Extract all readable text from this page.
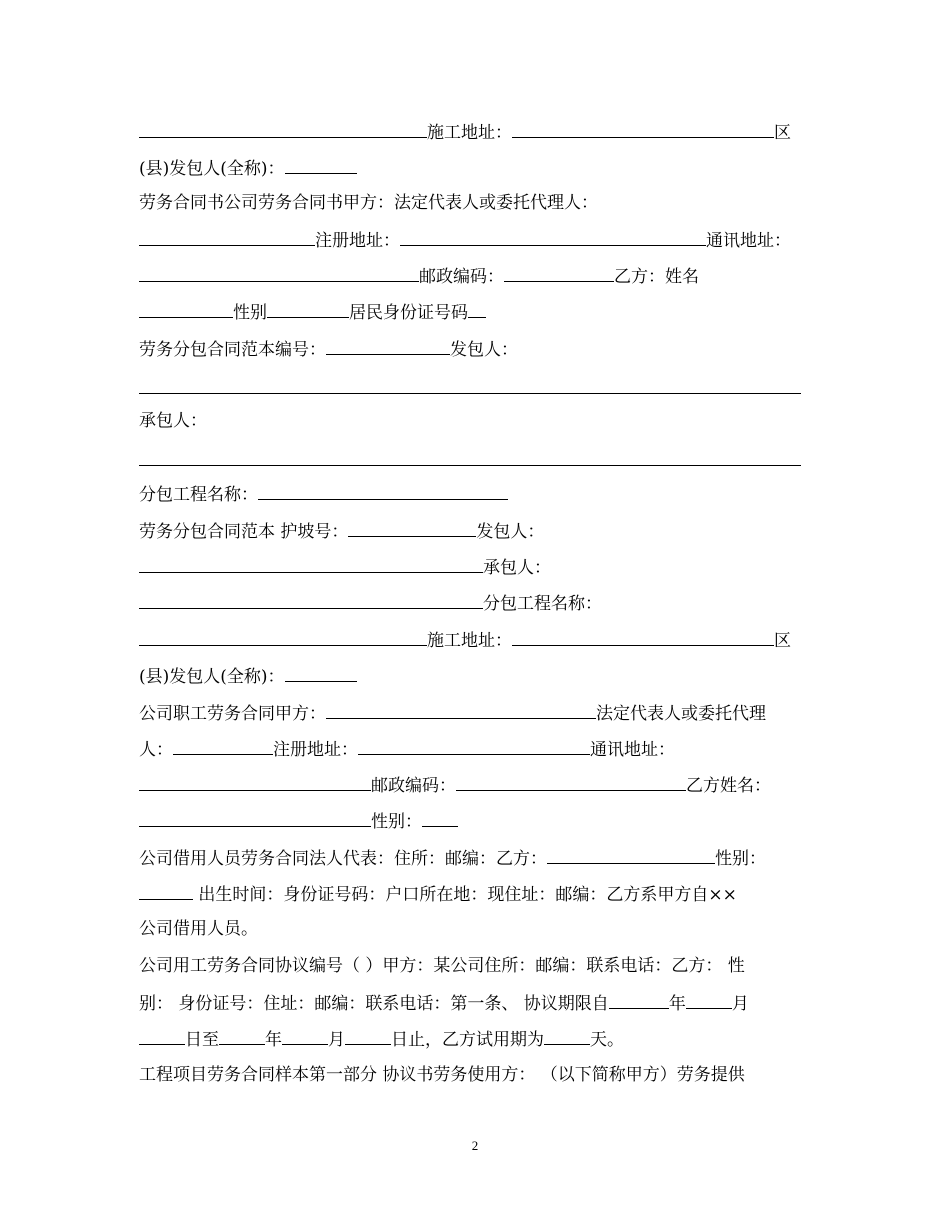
施工地址：	区
(县)发包人(全称)：
劳务合同书公司劳务合同书甲方：法定代表人或委托代理人：
注册地址：	通讯地址：
邮政编码：	乙方：姓名
性别	居民身份证号码
劳务分包合同范本编号：	发包人：
承包人：
分包工程名称：
劳务分包合同范本 护坡号：	发包人：
承包人：
分包工程名称：
施工地址：	区
(县)发包人(全称)：
公司职工劳务合同甲方：	法定代表人或委托代理
人：	注册地址：	通讯地址：
邮政编码：	乙方姓名：
性别：
公司借用人员劳务合同法人代表：住所：邮编：乙方：	性别：
出生时间：身份证号码：户口所在地：现住址：邮编：乙方系甲方自××
公司借用人员。
公司用工劳务合同协议编号（ ）甲方：某公司住所：邮编：联系电话：乙方： 性
别： 身份证号：住址：邮编：联系电话：第一条、 协议期限自	年	月
日至	年	月	日止，乙方试用期为	天。
工程项目劳务合同样本第一部分 协议书劳务使用方： （以下简称甲方）劳务提供
2
